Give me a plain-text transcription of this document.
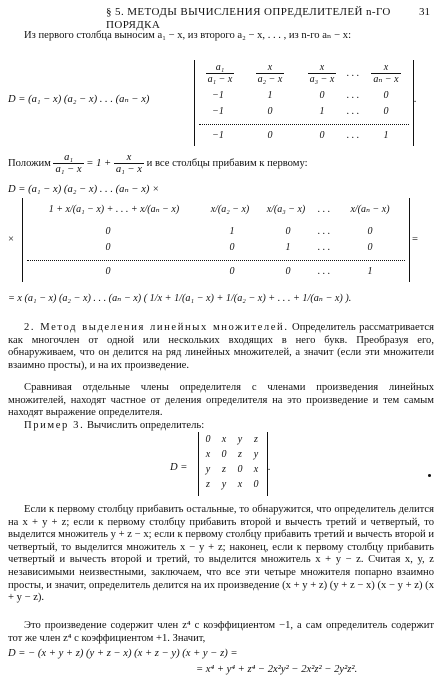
§ 5. МЕТОДЫ ВЫЧИСЛЕНИЯ ОПРЕДЕЛИТЕЛЕЙ n-ГО ПОРЯДКА
31
Из первого столбца выносим a₁ − x, из второго a₂ − x, . . . , из n-го aₙ − x:
D = (a₁ − x) (a₂ − x) . . . (aₙ − x)
$\frac{\text{a₁}}{\text{a₁ − x}} \frac{x}{\text{a₂ − x}} \frac{x}{\text{a₃ − x}}$ . . . $\frac{x}{\text{aₙ − x}}$
−1	1	0	. . .	0
−1	0	1	. . .	0
−1	0	0	. . .	1
.
Положим $\frac{\text{a₁}}{\text{a₁ − x}} = 1 + \frac{x}{\text{a₁ − x}}$ и все столбцы прибавим к первому:
D = (a₁ − x) (a₂ − x) . . . (aₙ − x) ×
×
1 + x/(a₁ − x) + . . . + x/(aₙ − x)	x/(a₂ − x)	x/(a₃ − x)	. . .	x/(aₙ − x)
0	1	0	. . .	0
0	0	1	. . .	0
0	0	0	. . .	1
=
= x (a₁ − x) (a₂ − x) . . . (aₙ − x) ( 1/x + 1/(a₁ − x) + 1/(a₂ − x) + . . . + 1/(aₙ − x) ).
2. Метод выделения линейных множителей. Определитель рассматривается как многочлен от одной или нескольких входящих в него букв. Преобразуя его, обнаруживаем, что он делится на ряд линейных множителей, а значит (если эти множители взаимно просты), и на их произведение.
Сравнивая отдельные члены определителя с членами произведения линейных множителей, находят частное от деления определителя на это произведение и тем самым находят выражение определителя.
Пример 3. Вычислить определитель:
D =
0	x	y	z
x	0	z	y
y	z	0	x
z	y	x	0
.
Если к первому столбцу прибавить остальные, то обнаружится, что определитель делится на x + y + z; если к первому столбцу прибавить второй и вычесть третий и четвертый, то выделится множитель y + z − x; если к первому столбцу прибавить третий и вычесть второй и четвертый, то выделится множитель x − y + z; наконец, если к первому столбцу прибавить четвертый и вычесть второй и третий, то выделится множитель x + y − z. Считая x, y, z независимыми неизвестными, заключаем, что все эти четыре множителя попарно взаимно просты, и значит, определитель делится на их произведение (x + y + z) (y + z − x) (x − y + z) (x + y − z).
Это произведение содержит член z⁴ с коэффициентом −1, а сам определитель содержит тот же член z⁴ с коэффициентом +1. Значит,
D = − (x + y + z) (y + z − x) (x + z − y) (x + y − z) =
= x⁴ + y⁴ + z⁴ − 2x²y² − 2x²z² − 2y²z².
